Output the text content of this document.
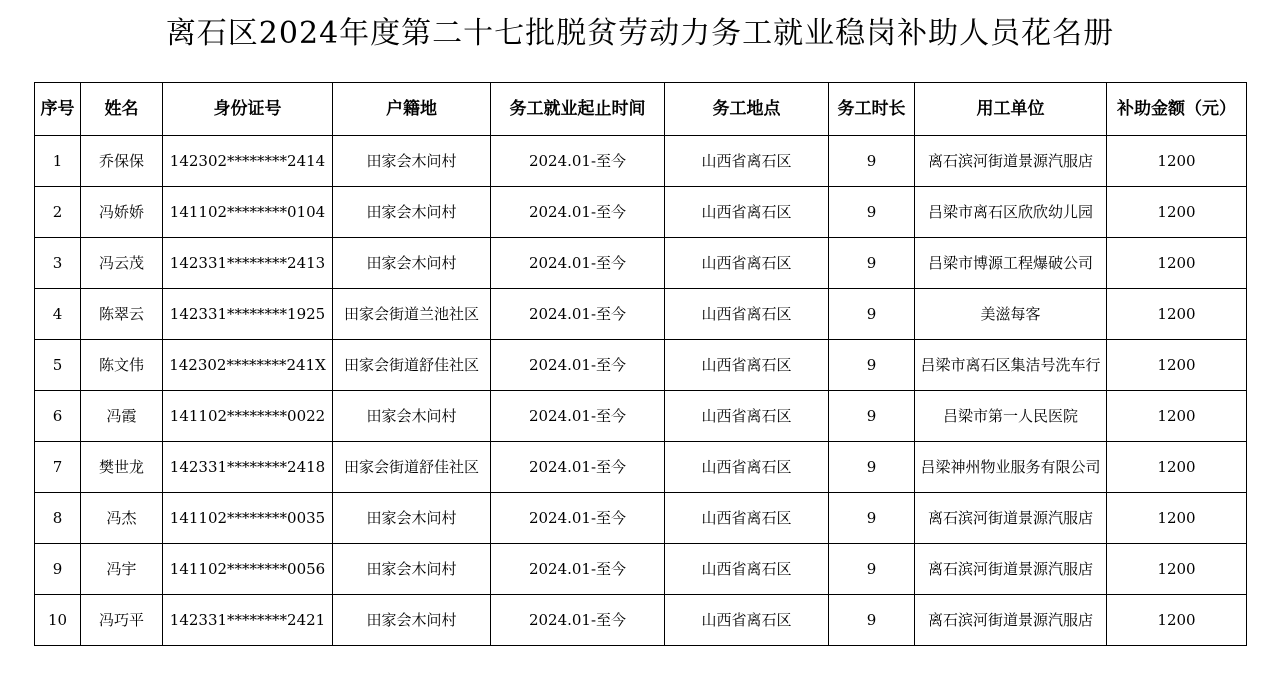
离石区2024年度第二十七批脱贫劳动力务工就业稳岗补助人员花名册
序号	姓名	身份证号	户籍地	务工就业起止时间	务工地点	务工时长	用工单位	补助金额（元）
1	乔保保	142302********2414	田家会木问村	2024.01-至今	山西省离石区	9	离石滨河街道景源汽服店	1200
2	冯娇娇	141102********0104	田家会木问村	2024.01-至今	山西省离石区	9	吕梁市离石区欣欣幼儿园	1200
3	冯云茂	142331********2413	田家会木问村	2024.01-至今	山西省离石区	9	吕梁市博源工程爆破公司	1200
4	陈翠云	142331********1925	田家会街道兰池社区	2024.01-至今	山西省离石区	9	美滋每客	1200
5	陈文伟	142302********241X	田家会街道舒佳社区	2024.01-至今	山西省离石区	9	吕梁市离石区集洁号洗车行	1200
6	冯霞	141102********0022	田家会木问村	2024.01-至今	山西省离石区	9	吕梁市第一人民医院	1200
7	樊世龙	142331********2418	田家会街道舒佳社区	2024.01-至今	山西省离石区	9	吕梁神州物业服务有限公司	1200
8	冯杰	141102********0035	田家会木问村	2024.01-至今	山西省离石区	9	离石滨河街道景源汽服店	1200
9	冯宇	141102********0056	田家会木问村	2024.01-至今	山西省离石区	9	离石滨河街道景源汽服店	1200
10	冯巧平	142331********2421	田家会木问村	2024.01-至今	山西省离石区	9	离石滨河街道景源汽服店	1200
